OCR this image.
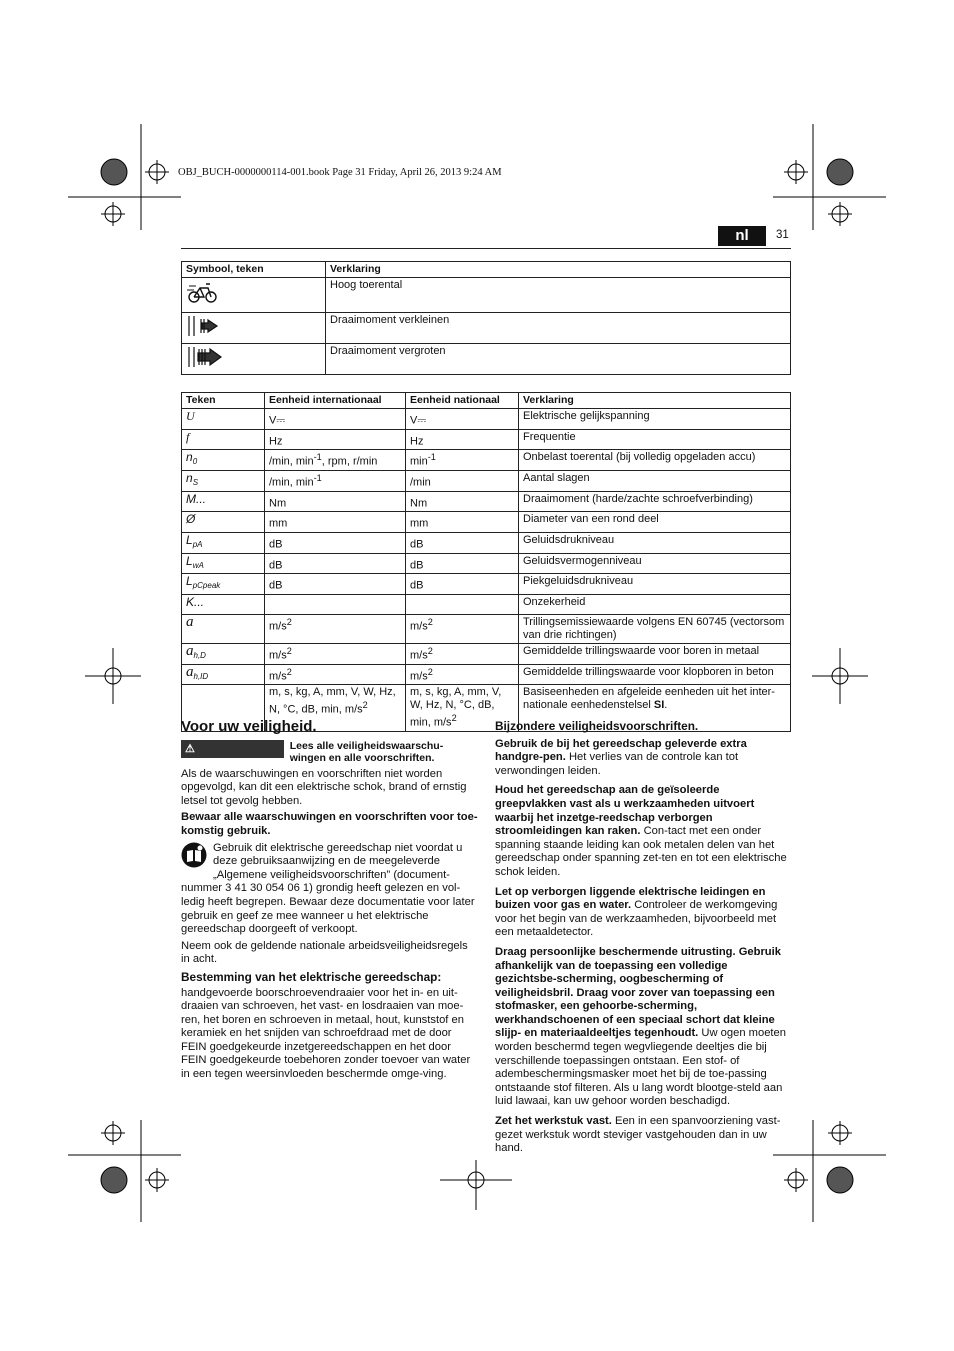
OBJ_BUCH-0000000114-001.book Page 31 Friday, April 26, 2013 9:24 AM
nl	31
Symbool, teken	Verklaring
	Hoog toerental
	Draaimoment verkleinen
	Draaimoment vergroten
Teken	Eenheid internationaal	Eenheid nationaal	Verklaring
U	V⎓	V⎓	Elektrische gelijkspanning
f	Hz	Hz	Frequentie
$n_0$	/min, $\min^{-1}$, rpm, r/min	$\min^{-1}$	Onbelast toerental (bij volledig opgeladen accu)
$n_S$	/min, $\min^{-1}$	/min	Aantal slagen
M...	Nm	Nm	Draaimoment (harde/zachte schroefverbinding)
Ø	mm	mm	Diameter van een rond deel
$L_{pA}$	dB	dB	Geluidsdrukniveau
$L_{wA}$	dB	dB	Geluidsvermogenniveau
$L_{pCpeak}$	dB	dB	Piekgeluidsdrukniveau
K...			Onzekerheid
a	$m/s^2$	$m/s^2$	Trillingsemissiewaarde volgens EN 60745 (vectorsom van drie richtingen)
$a_{h,D}$	$m/s^2$	$m/s^2$	Gemiddelde trillingswaarde voor boren in metaal
$a_{h,ID}$	$m/s^2$	$m/s^2$	Gemiddelde trillingswaarde voor klopboren in beton
	m, s, kg, A, mm, V, W, Hz, N, °C, dB, min, $m/s^2$	m, s, kg, A, mm, V, W, Hz, N, °C, dB, min, $m/s^2$	Basiseenheden en afgeleide eenheden uit het inter-nationale eenhedenstelsel SI.
Voor uw veiligheid.
⚠ WAARSCHUWING
Lees alle veiligheidswaarschu-wingen en alle voorschriften.

Als de waarschuwingen en voorschriften niet worden opgevolgd, kan dit een elektrische schok, brand of ernstig letsel tot gevolg hebben.

Bewaar alle waarschuwingen en voorschriften voor toe-komstig gebruik.

Gebruik dit elektrische gereedschap niet voordat u deze gebruiksaanwijzing en de meegeleverde „Algemene veiligheidsvoorschriften” (document-

nummer 3 41 30 054 06 1) grondig heeft gelezen en vol-ledig heeft begrepen. Bewaar deze documentatie voor later gebruik en geef ze mee wanneer u het elektrische gereedschap doorgeeft of verkoopt.

Neem ook de geldende nationale arbeidsveiligheidsregels in acht.

Bestemming van het elektrische gereedschap:

handgevoerde boorschroevendraaier voor het in- en uit-draaien van schroeven, het vast- en losdraaien van moe-ren, het boren en schroeven in metaal, hout, kunststof en keramiek en het snijden van schroefdraad met de door FEIN goedgekeurde inzetgereedschappen en het door FEIN goedgekeurde toebehoren zonder toevoer van water in een tegen weersinvloeden beschermde omge-ving.

Bijzondere veiligheidsvoorschriften.

Gebruik de bij het gereedschap geleverde extra handgre-pen. Het verlies van de controle kan tot verwondingen leiden.

Houd het gereedschap aan de geïsoleerde greepvlakken vast als u werkzaamheden uitvoert waarbij het inzetge-reedschap verborgen stroomleidingen kan raken. Con-tact met een onder spanning staande leiding kan ook metalen delen van het gereedschap onder spanning zet-ten en tot een elektrische schok leiden.

Let op verborgen liggende elektrische leidingen en buizen voor gas en water. Controleer de werkomgeving voor het begin van de werkzaamheden, bijvoorbeeld met een metaaldetector.

Draag persoonlijke beschermende uitrusting. Gebruik afhankelijk van de toepassing een volledige gezichtsbe-scherming, oogbescherming of veiligheidsbril. Draag voor zover van toepassing een stofmasker, een gehoorbe-scherming, werkhandschoenen of een speciaal schort dat kleine slijp- en materiaaldeeltjes tegenhoudt. Uw ogen moeten worden beschermd tegen wegvliegende deeltjes die bij verschillende toepassingen ontstaan. Een stof- of adembeschermingsmasker moet het bij de toe-passing ontstaande stof filteren. Als u lang wordt blootge-steld aan luid lawaai, kan uw gehoor worden beschadigd.

Zet het werkstuk vast. Een in een spanvoorziening vast-gezet werkstuk wordt steviger vastgehouden dan in uw hand.
